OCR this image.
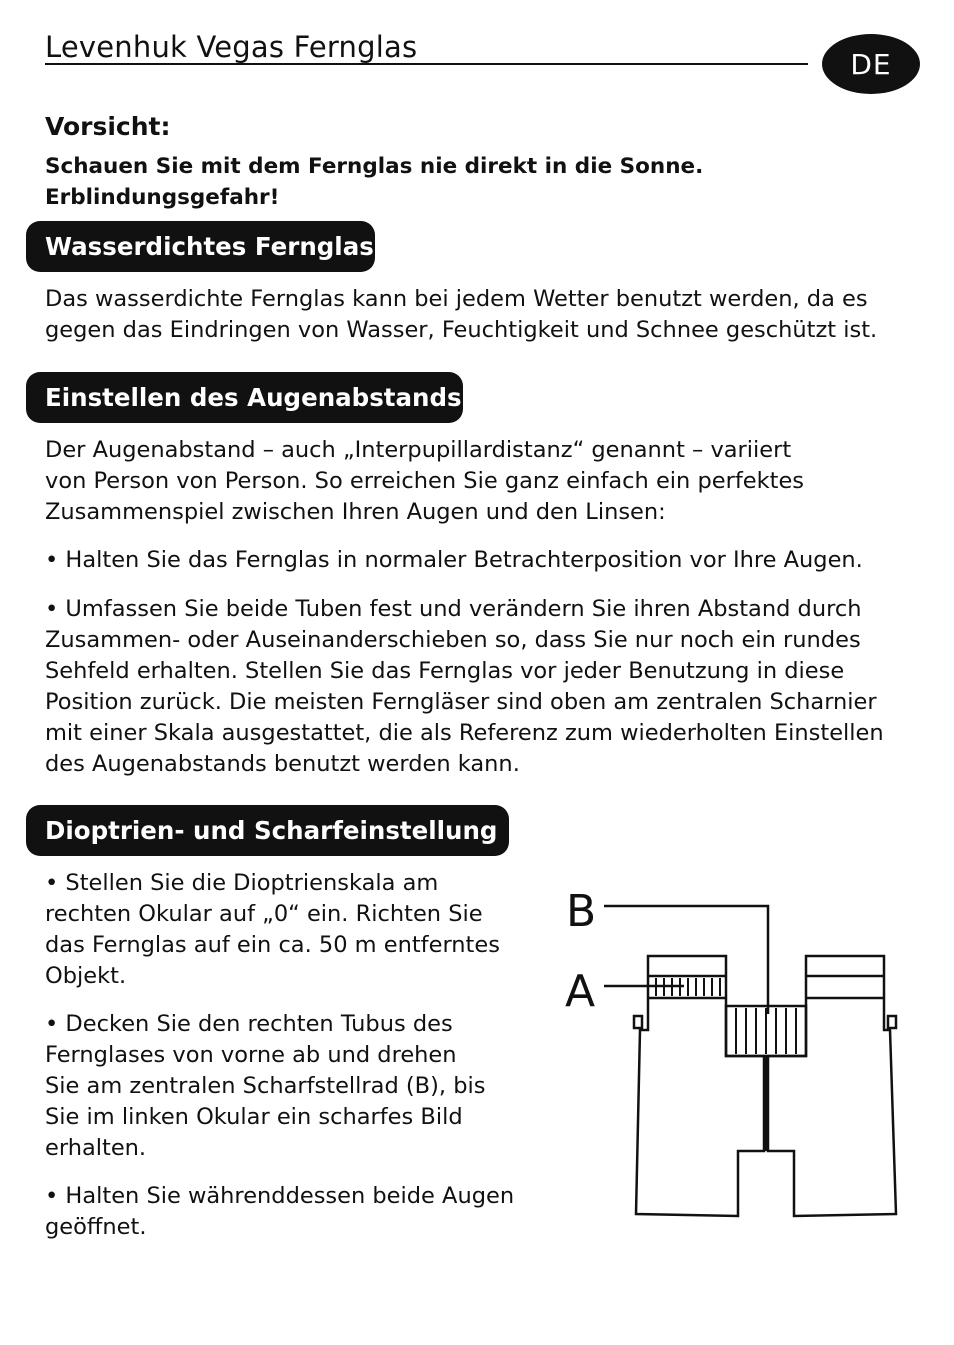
Levenhuk Vegas Fernglas	DE
Vorsicht:
Schauen Sie mit dem Fernglas nie direkt in die Sonne.
Erblindungsgefahr!
Wasserdichtes Fernglas
Das wasserdichte Fernglas kann bei jedem Wetter benutzt werden, da es
gegen das Eindringen von Wasser, Feuchtigkeit und Schnee geschützt ist.
Einstellen des Augenabstands
Der Augenabstand – auch „Interpupillardistanz“ genannt – variiert
von Person von Person. So erreichen Sie ganz einfach ein perfektes
Zusammenspiel zwischen Ihren Augen und den Linsen:
• Halten Sie das Fernglas in normaler Betrachterposition vor Ihre Augen.
• Umfassen Sie beide Tuben fest und verändern Sie ihren Abstand durch
Zusammen- oder Auseinanderschieben so, dass Sie nur noch ein rundes
Sehfeld erhalten. Stellen Sie das Fernglas vor jeder Benutzung in diese
Position zurück. Die meisten Ferngläser sind oben am zentralen Scharnier
mit einer Skala ausgestattet, die als Referenz zum wiederholten Einstellen
des Augenabstands benutzt werden kann.
Dioptrien- und Scharfeinstellung
• Stellen Sie die Dioptrienskala am
rechten Okular auf „0“ ein. Richten Sie
das Fernglas auf ein ca. 50 m entferntes
Objekt.
• Decken Sie den rechten Tubus des
Fernglases von vorne ab und drehen
Sie am zentralen Scharfstellrad (B), bis
Sie im linken Okular ein scharfes Bild
erhalten.
• Halten Sie währenddessen beide Augen
geöffnet.
B
A
